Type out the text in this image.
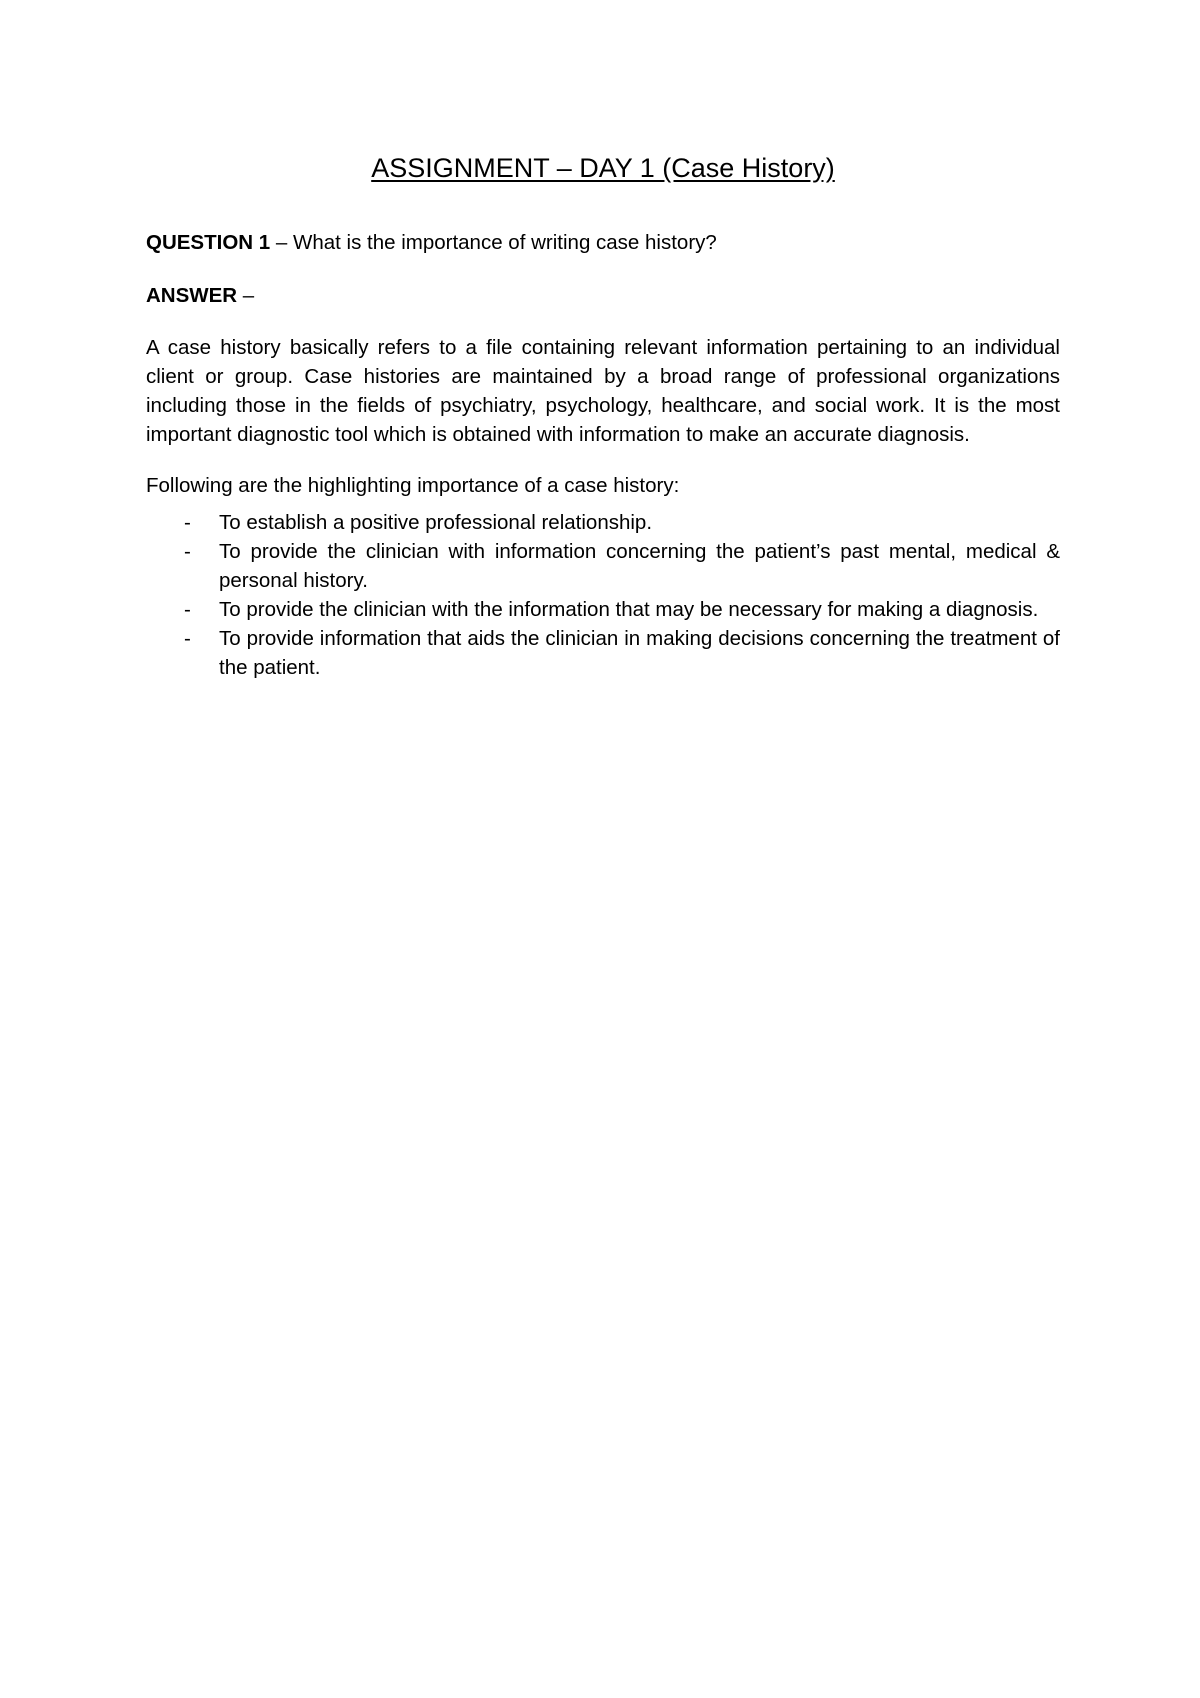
ASSIGNMENT – DAY 1 (Case History)

QUESTION 1 – What is the importance of writing case history?

ANSWER –

A case history basically refers to a file containing relevant information pertaining to an individual client or group. Case histories are maintained by a broad range of professional organizations including those in the fields of psychiatry, psychology, healthcare, and social work. It is the most important diagnostic tool which is obtained with information to make an accurate diagnosis.

Following are the highlighting importance of a case history:

- To establish a positive professional relationship.
- To provide the clinician with information concerning the patient’s past mental, medical & personal history.
- To provide the clinician with the information that may be necessary for making a diagnosis.
- To provide information that aids the clinician in making decisions concerning the treatment of the patient.
